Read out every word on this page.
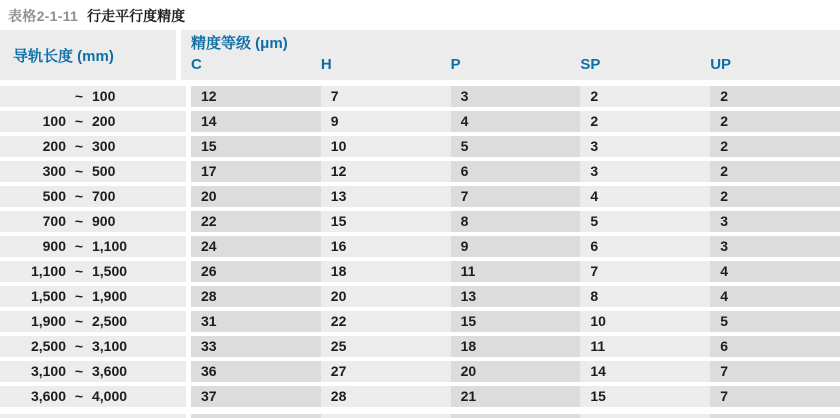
表格2-1-11 行走平行度精度
导轨长度 (mm)
精度等级 (μm)
C	H	P	SP	UP
~ 100	12	7	3	2	2
100 ~ 200	14	9	4	2	2
200 ~ 300	15	10	5	3	2
300 ~ 500	17	12	6	3	2
500 ~ 700	20	13	7	4	2
700 ~ 900	22	15	8	5	3
900 ~ 1,100	24	16	9	6	3
1,100 ~ 1,500	26	18	11	7	4
1,500 ~ 1,900	28	20	13	8	4
1,900 ~ 2,500	31	22	15	10	5
2,500 ~ 3,100	33	25	18	11	6
3,100 ~ 3,600	36	27	20	14	7
3,600 ~ 4,000	37	28	21	15	7
